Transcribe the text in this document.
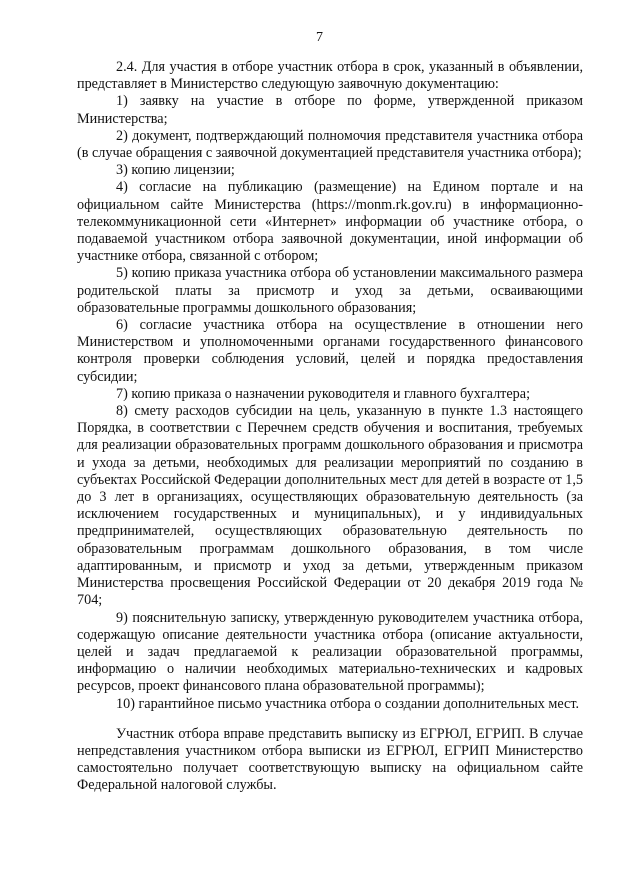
7

2.4. Для участия в отборе участник отбора в срок, указанный в объявлении, представляет в Министерство следующую заявочную документацию:

1) заявку на участие в отборе по форме, утвержденной приказом Министерства;

2) документ, подтверждающий полномочия представителя участника отбора (в случае обращения с заявочной документацией представителя участника отбора);

3) копию лицензии;

4) согласие на публикацию (размещение) на Едином портале и на официальном сайте Министерства (https://monm.rk.gov.ru) в информационно-телекоммуникационной сети «Интернет» информации об участнике отбора, о подаваемой участником отбора заявочной документации, иной информации об участнике отбора, связанной с отбором;

5) копию приказа участника отбора об установлении максимального размера родительской платы за присмотр и уход за детьми, осваивающими образовательные программы дошкольного образования;

6) согласие участника отбора на осуществление в отношении него Министерством и уполномоченными органами государственного финансового контроля проверки соблюдения условий, целей и порядка предоставления субсидии;

7) копию приказа о назначении руководителя и главного бухгалтера;

8) смету расходов субсидии на цель, указанную в пункте 1.3 настоящего Порядка, в соответствии с Перечнем средств обучения и воспитания, требуемых для реализации образовательных программ дошкольного образования и присмотра и ухода за детьми, необходимых для реализации мероприятий по созданию в субъектах Российской Федерации дополнительных мест для детей в возрасте от 1,5 до 3 лет в организациях, осуществляющих образовательную деятельность (за исключением государственных и муниципальных), и у индивидуальных предпринимателей, осуществляющих образовательную деятельность по образовательным программам дошкольного образования, в том числе адаптированным, и присмотр и уход за детьми, утвержденным приказом Министерства просвещения Российской Федерации от 20 декабря 2019 года № 704;

9) пояснительную записку, утвержденную руководителем участника отбора, содержащую описание деятельности участника отбора (описание актуальности, целей и задач предлагаемой к реализации образовательной программы, информацию о наличии необходимых материально-технических и кадровых ресурсов, проект финансового плана образовательной программы);

10) гарантийное письмо участника отбора о создании дополнительных мест.

Участник отбора вправе представить выписку из ЕГРЮЛ, ЕГРИП. В случае непредставления участником отбора выписки из ЕГРЮЛ, ЕГРИП Министерство самостоятельно получает соответствующую выписку на официальном сайте Федеральной налоговой службы.
